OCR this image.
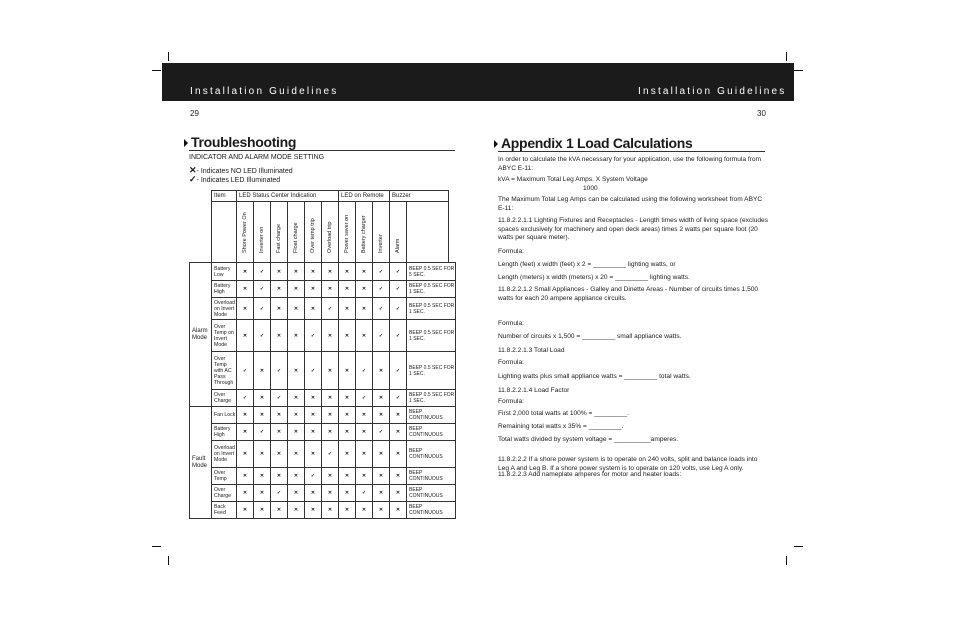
Installation Guidelines	Installation Guidelines
29	30
Troubleshooting
INDICATOR AND ALARM MODE SETTING
✕- Indicates NO LED Illuminated
✓- Indicates LED Illuminated
	Item	LED Status Center Indication						LED on Remote			Buzzer	

		Shore Power On	Inverter on	Fast charge	Float charge	Over temp trip	Overload trip	Power saver on	Battery charger	Inverter	Alarm	

Alarm Mode	Battery Low	✕	✓	✕	✕	✕	✕	✕	✕	✓	✓	BEEP 0.5 SEC FOR 5 SEC.
	Battery High	✕	✓	✕	✕	✕	✕	✕	✕	✓	✓	BEEP 0.5 SEC FOR 1 SEC.
	Overload on Invert Mode	✕	✓	✕	✕	✕	✓	✕	✕	✓	✓	BEEP 0.5 SEC FOR 1 SEC.
	Over Temp on Invert Mode	✕	✓	✕	✕	✓	✕	✕	✕	✓	✓	BEEP 0.5 SEC FOR 1 SEC.
	Over Temp with AC Pass Through	✓	✕	✓	✕	✓	✕	✕	✓	✕	✓	BEEP 0.5 SEC FOR 1 SEC.
	Over Charge	✓	✕	✓	✕	✕	✕	✕	✓	✕	✓	BEEP 0.5 SEC FOR 1 SEC.
Fault Mode	Fan Lock	✕	✕	✕	✕	✕	✕	✕	✕	✕	✕	BEEP CONTINUOUS
	Battery High	✕	✓	✕	✕	✕	✕	✕	✕	✓	✕	BEEP CONTINUOUS
	Overload on Invert Mode	✕	✕	✕	✕	✕	✓	✕	✕	✕	✕	BEEP CONTINUOUS
	Over Temp	✕	✕	✕	✕	✓	✕	✕	✕	✕	✕	BEEP CONTINUOUS
	Over Charge	✕	✕	✓	✕	✕	✕	✕	✓	✕	✕	BEEP CONTINUOUS
	Back Feed	✕	✕	✕	✕	✕	✕	✕	✕	✕	✕	BEEP CONTINUOUS
Appendix 1 Load Calculations
In order to calculate the kVA necessary for your application, use the following formula from ABYC E-11:
kVA = Maximum Total Leg Amps. X System Voltage
1000
The Maximum Total Leg Amps can be calculated using the following worksheet from ABYC E-11:
11.8.2.2.1.1 Lighting Fixtures and Receptacles - Length times width of living space (excludes spaces exclusively for machinery and open deck areas) times 2 watts per square foot (20 watts per square meter).
Formula:
Length (feet) x width (feet) x 2 = _________ lighting watts, or
Length (meters) x width (meters) x 20 = _________ lighting watts.
11.8.2.2.1.2 Small Appliances - Galley and Dinette Areas - Number of circuits times 1,500 watts for each 20 ampere appliance circuits.
Formula:
Number of circuits x 1,500 = _________ small appliance watts.
11.8.2.2.1.3 Total Load
Formula:
Lighting watts plus small appliance watts = _________ total watts.
11.8.2.2.1.4 Load Factor
Formula:
First 2,000 total watts at 100% = _________.
Remaining total watts x 35% = _________.
Total watts divided by system voltage = __________amperes.
11.8.2.2.2 If a shore power system is to operate on 240 volts, split and balance loads into Leg A and Leg B. If a shore power system is to operate on 120 volts, use Leg A only.
11.8.2.2.3 Add nameplate amperes for motor and heater loads:
